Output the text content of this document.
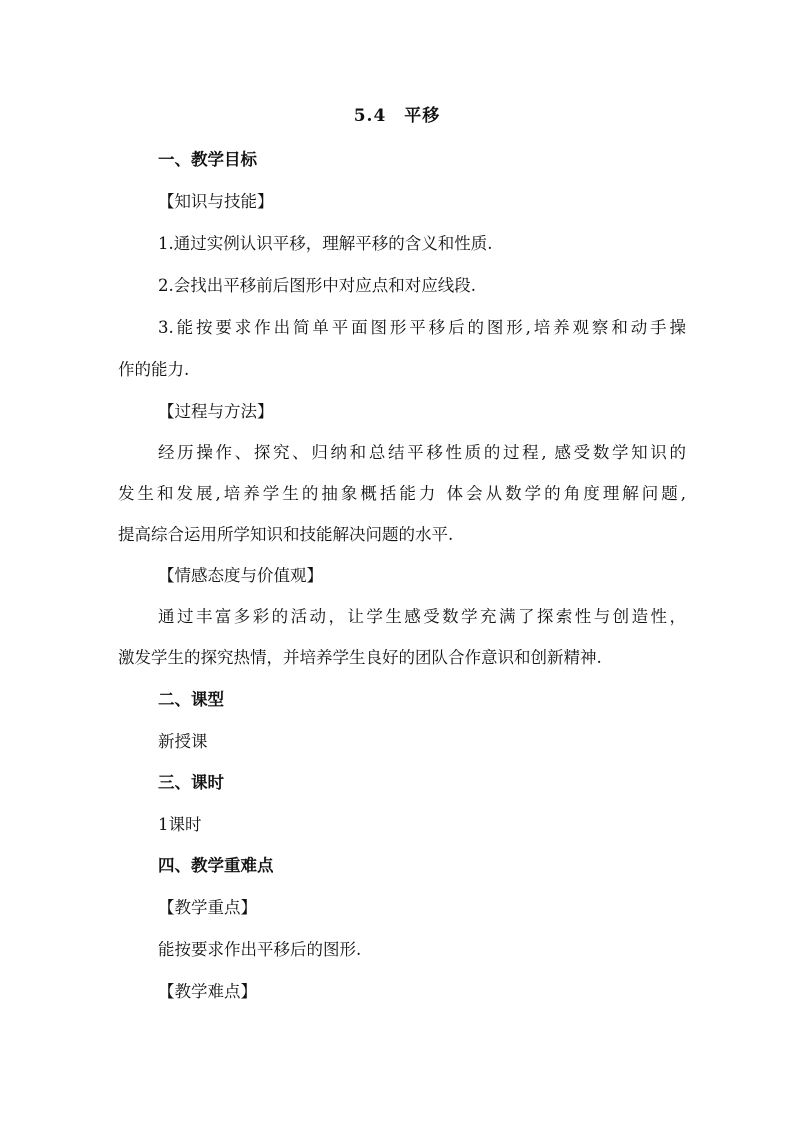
5.4　平移
一、教学目标
【知识与技能】
1.通过实例认识平移，理解平移的含义和性质.
2.会找出平移前后图形中对应点和对应线段.
3.能按要求作出简单平面图形平移后的图形,培养观察和动手操
作的能力.
【过程与方法】
经历操作、探究、归纳和总结平移性质的过程, 感受数学知识的
发生和发展,培养学生的抽象概括能力 体会从数学的角度理解问题,
提高综合运用所学知识和技能解决问题的水平.
【情感态度与价值观】
通过丰富多彩的活动，让学生感受数学充满了探索性与创造性，
激发学生的探究热情，并培养学生良好的团队合作意识和创新精神.
二、课型
新授课
三、课时
1课时
四、教学重难点
【教学重点】
能按要求作出平移后的图形.
【教学难点】
